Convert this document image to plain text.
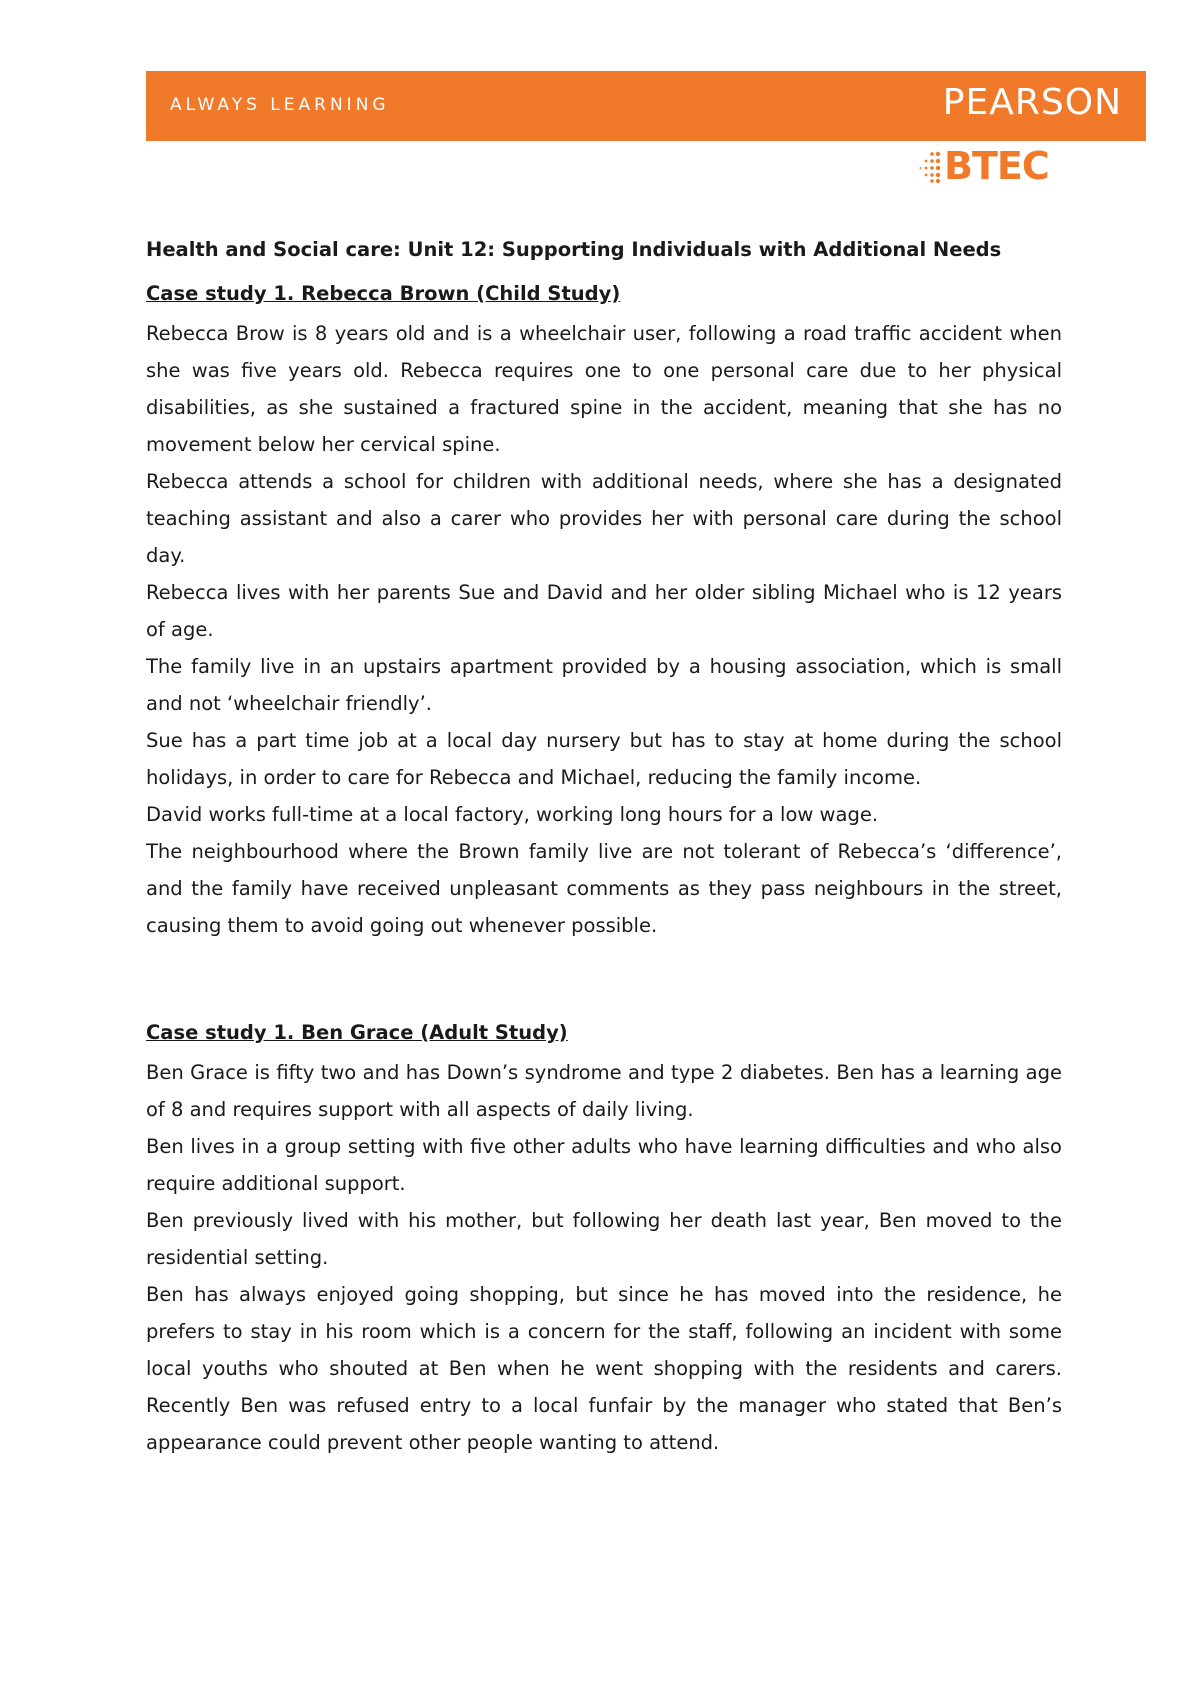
ALWAYS LEARNING	PEARSON
BTEC
Health and Social care: Unit 12: Supporting Individuals with Additional Needs
Case study 1. Rebecca Brown (Child Study)

Rebecca Brow is 8 years old and is a wheelchair user, following a road traffic accident when she was five years old. Rebecca requires one to one personal care due to her physical disabilities, as she sustained a fractured spine in the accident, meaning that she has no movement below her cervical spine.

Rebecca attends a school for children with additional needs, where she has a designated teaching assistant and also a carer who provides her with personal care during the school day.

Rebecca lives with her parents Sue and David and her older sibling Michael who is 12 years of age.

The family live in an upstairs apartment provided by a housing association, which is small and not ‘wheelchair friendly’.

Sue has a part time job at a local day nursery but has to stay at home during the school holidays, in order to care for Rebecca and Michael, reducing the family income.

David works full-time at a local factory, working long hours for a low wage.

The neighbourhood where the Brown family live are not tolerant of Rebecca’s ‘difference’, and the family have received unpleasant comments as they pass neighbours in the street, causing them to avoid going out whenever possible.

Case study 1. Ben Grace (Adult Study)

Ben Grace is fifty two and has Down’s syndrome and type 2 diabetes. Ben has a learning age of 8 and requires support with all aspects of daily living.

Ben lives in a group setting with five other adults who have learning difficulties and who also require additional support.

Ben previously lived with his mother, but following her death last year, Ben moved to the residential setting.

Ben has always enjoyed going shopping, but since he has moved into the residence, he prefers to stay in his room which is a concern for the staff, following an incident with some local youths who shouted at Ben when he went shopping with the residents and carers. Recently Ben was refused entry to a local funfair by the manager who stated that Ben’s appearance could prevent other people wanting to attend.
